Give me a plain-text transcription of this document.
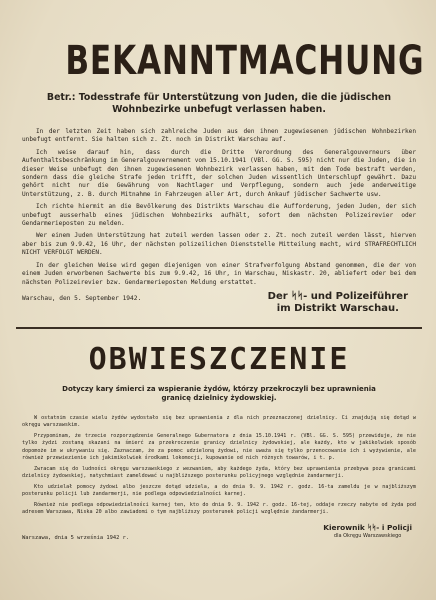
BEKANNTMACHUNG
Betr.: Todesstrafe für Unterstützung von Juden, die die jüdischen Wohnbezirke unbefugt verlassen haben.

In der letzten Zeit haben sich zahlreiche Juden aus den ihnen zugewiesenen jüdischen Wohnbezirken unbefugt entfernt. Sie halten sich z. Zt. noch im Distrikt Warschau auf.

Ich weise darauf hin, dass durch die Dritte Verordnung des Generalgouverneurs über Aufenthaltsbeschränkung im Generalgouvernement vom 15.10.1941 (VBl. GG. S. 595) nicht nur die Juden, die in dieser Weise unbefugt den ihnen zugewiesenen Wohnbezirk verlassen haben, mit dem Tode bestraft werden, sondern dass die gleiche Strafe jeden trifft, der solchen Juden wissentlich Unterschlupf gewährt. Dazu gehört nicht nur die Gewährung von Nachtlager und Verpflegung, sondern auch jede anderweitige Unterstützung, z. B. durch Mitnahme in Fahrzeugen aller Art, durch Ankauf jüdischer Sachwerte usw.

Ich richte hiermit an die Bevölkerung des Distrikts Warschau die Aufforderung, jeden Juden, der sich unbefugt ausserhalb eines jüdischen Wohnbezirks aufhält, sofort dem nächsten Polizeirevier oder Gendarmerieposten zu melden.

Wer einem Juden Unterstützung hat zuteil werden lassen oder z. Zt. noch zuteil werden lässt, hierven aber bis zum 9.9.42, 16 Uhr, der nächsten polizeilichen Dienststelle Mitteilung macht, wird STRAFRECHTLICH NICHT VERFOLGT WERDEN.

In der gleichen Weise wird gegen diejenigen von einer Strafverfolgung Abstand genommen, die der von einem Juden erworbenen Sachwerte bis zum 9.9.42, 16 Uhr, in Warschau, Niskastr. 20, abliefert oder bei dem nächsten Polizeirevier bzw. Gendarmerieposten Meldung erstattet.

Warschau, den 5. September 1942.	Der ᛋᛋ- und Polizeiführer
im Distrikt Warschau.
OBWIESZCZENIE
Dotyczy kary śmierci za wspieranie żydów, którzy przekroczyli bez uprawnienia granicę dzielnicy żydowskiej.

W ostatnim czasie wielu żydów wydostało się bez uprawnienia z dla nich przeznaczonej dzielnicy. Ci znajdują się dotąd w okręgu warszawskim.

Przypominam, że trzecie rozporządzenie Generalnego Gubernatora z dnia 15.10.1941 r. (VBl. GG. S. 595) przewiduje, że nie tylko żydzi zostaną skazani na śmierć za przekroczenie granicy dzielnicy żydowskiej, ale każdy, kto w jakikolwiek sposób dopomoże im w ukrywaniu się. Zaznaczam, że za pomoc udzieloną żydowi, nie uważa się tylko przenocowanie ich i wyżywienie, ale również przewiezienie ich jakimikolwiek środkami lokomocji, kupowanie od nich różnych towarów, i t. p.

Zwracam się do ludności okręgu warszawskiego z wezwaniem, aby każdego żyda, który bez uprawnienia przebywa poza granicami dzielnicy żydowskiej, natychmiast zameldować u najbliższego posterunku policyjnego względnie żandarmerji.

Kto udzielał pomocy żydowi albo jeszcze dotąd udziela, a do dnia 9. 9. 1942 r. godz. 16-ta zameldu je w najbliższym posterunku policji lub żandarmerji, nie podlega odpowiedzialności karnej.

Również nie podlega odpowiedzialności karnej ten, kto do dnia 9. 9. 1942 r. godz. 16-tej, oddaje rzeczy nabyte od żyda pod adresem Warszawa, Niska 20 albo zawiadomi o tym najbliższy posterunek policji względnie żandarmerji.

Warszawa, dnia 5 września 1942 r.
Kierownik ᛋᛋ- i Policji
dla Okręgu Warszawskiego
